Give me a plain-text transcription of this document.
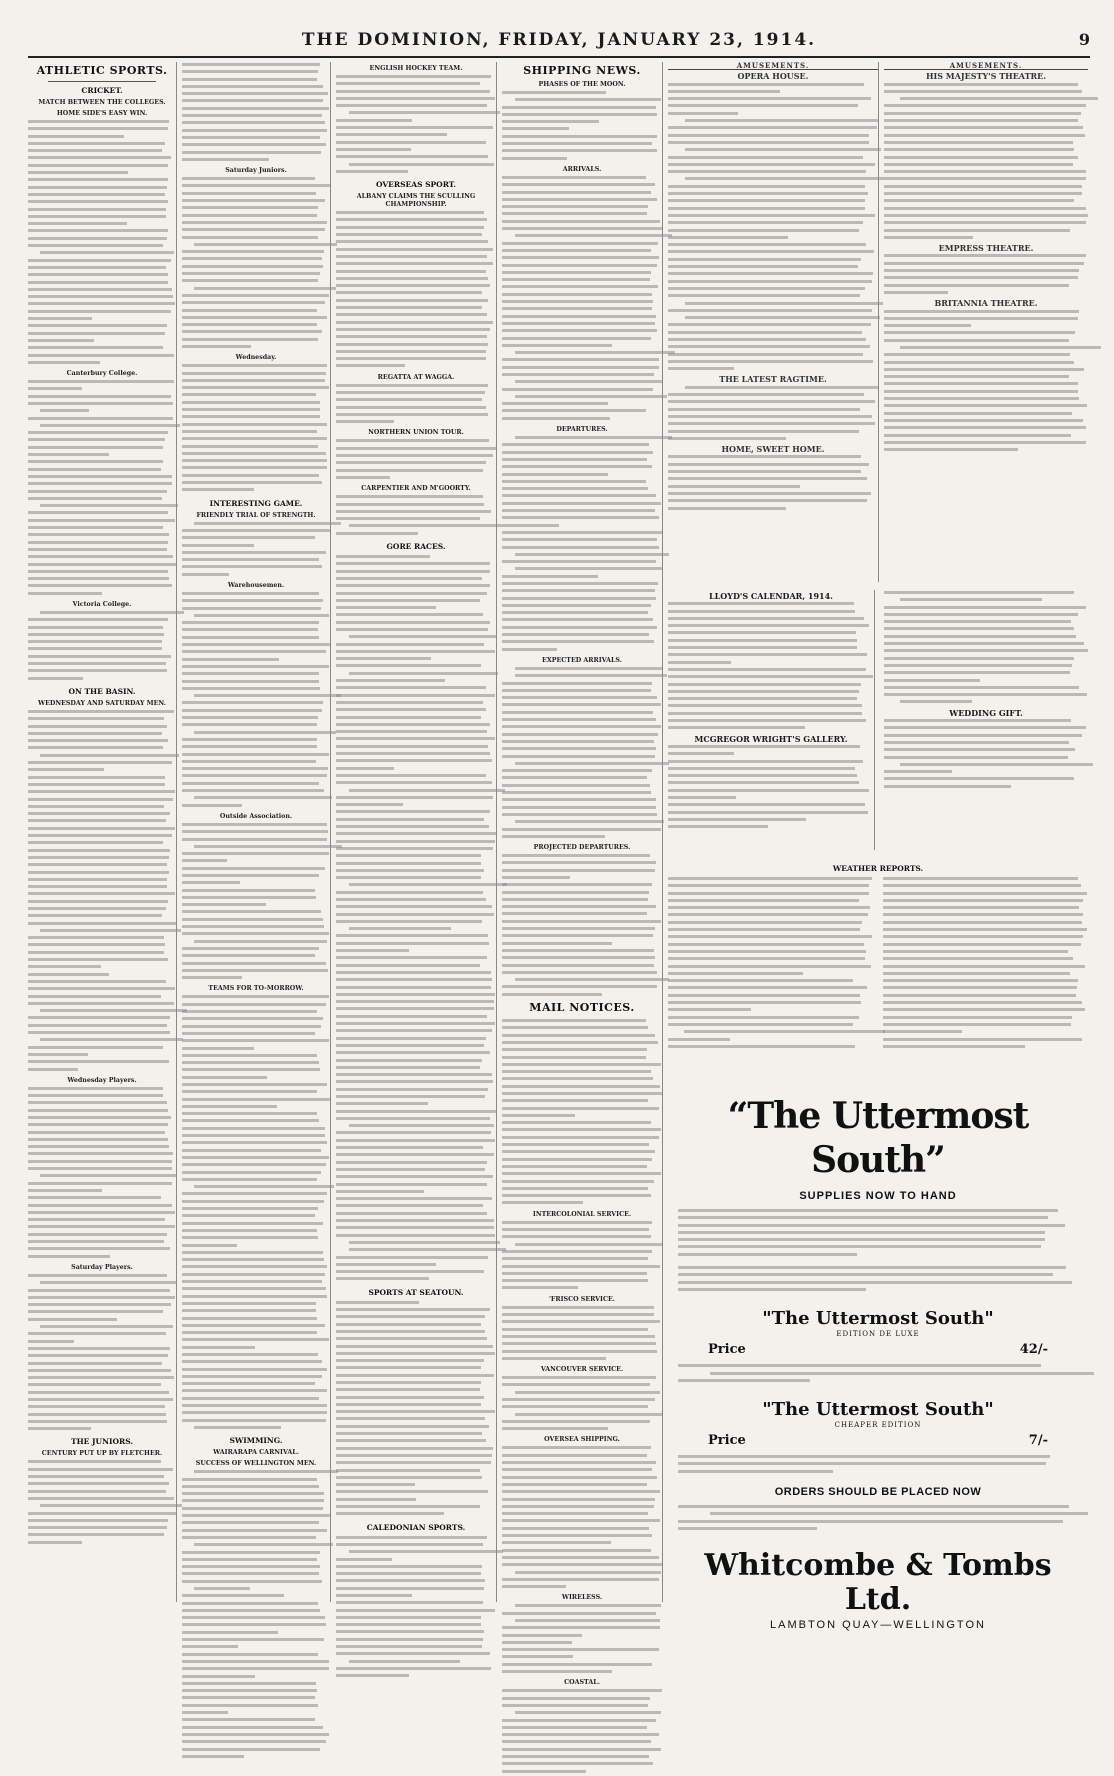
THE DOMINION, FRIDAY, JANUARY 23, 1914.	9
ATHLETIC SPORTS.
CRICKET.
MATCH BETWEEN THE COLLEGES.
HOME SIDE'S EASY WIN.
Canterbury College.
Victoria College.
ON THE BASIN.
WEDNESDAY AND SATURDAY MEN.
Wednesday Players.
Saturday Players.
THE JUNIORS.
CENTURY PUT UP BY FLETCHER.
Saturday Juniors.
Wednesday.
INTERESTING GAME.
FRIENDLY TRIAL OF STRENGTH.
Warehousemen.
Outside Association.
TEAMS FOR TO-MORROW.
SWIMMING.
WAIRARAPA CARNIVAL.
SUCCESS OF WELLINGTON MEN.
ENGLISH HOCKEY TEAM.
OVERSEAS SPORT.
ALBANY CLAIMS THE SCULLING CHAMPIONSHIP.
REGATTA AT WAGGA.
NORTHERN UNION TOUR.
CARPENTIER AND M'GOORTY.
GORE RACES.
SPORTS AT SEATOUN.
CALEDONIAN SPORTS.
SHIPPING NEWS.
PHASES OF THE MOON.
ARRIVALS.
DEPARTURES.
EXPECTED ARRIVALS.
PROJECTED DEPARTURES.
MAIL NOTICES.
INTERCOLONIAL SERVICE.
'FRISCO SERVICE.
VANCOUVER SERVICE.
OVERSEA SHIPPING.
WIRELESS.
COASTAL.
AMUSEMENTS.
OPERA HOUSE.
THE LATEST RAGTIME.
HOME, SWEET HOME.
AMUSEMENTS.
HIS MAJESTY'S THEATRE.
EMPRESS THEATRE.
BRITANNIA THEATRE.
LLOYD'S CALENDAR, 1914.
MCGREGOR WRIGHT'S GALLERY.
WEDDING GIFT.
WEATHER REPORTS.
“The Uttermost South”
SUPPLIES NOW TO HAND
"The Uttermost South"
EDITION DE LUXE
Price	42/-
"The Uttermost South"
CHEAPER EDITION
Price	7/-
ORDERS SHOULD BE PLACED NOW
Whitcombe & Tombs Ltd.
LAMBTON QUAY—WELLINGTON
